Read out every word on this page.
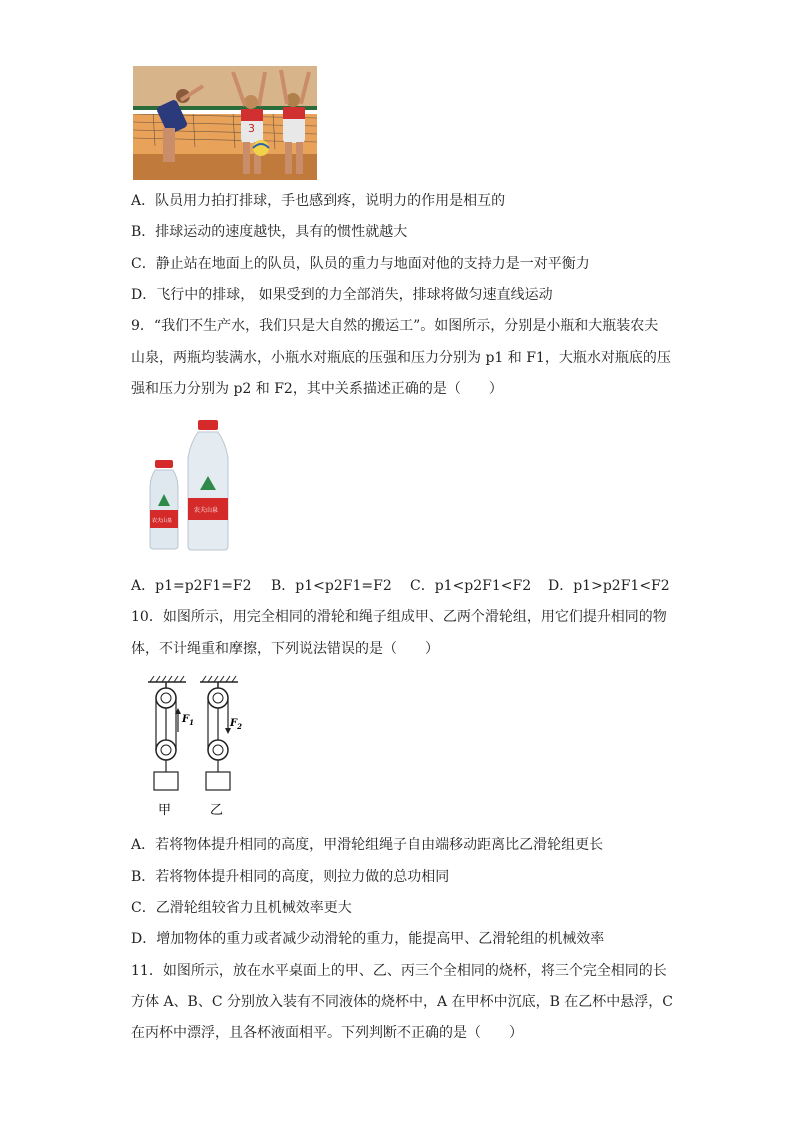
3
A．队员用力拍打排球，手也感到疼，说明力的作用是相互的
B．排球运动的速度越快，具有的惯性就越大
C．静止站在地面上的队员，队员的重力与地面对他的支持力是一对平衡力
D．飞行中的排球， 如果受到的力全部消失，排球将做匀速直线运动
9．“我们不生产水，我们只是大自然的搬运工”。如图所示，分别是小瓶和大瓶装农夫
山泉，两瓶均装满水，小瓶水对瓶底的压强和压力分别为 p1 和 F1，大瓶水对瓶底的压
强和压力分别为 p2 和 F2，其中关系描述正确的是（　　）
农夫山泉
农夫山泉
A．p1=p2F1=F2 B．p1<p2F1=F2 C．p1<p2F1<F2 D．p1>p2F1<F2
10．如图所示，用完全相同的滑轮和绳子组成甲、乙两个滑轮组，用它们提升相同的物
体，不计绳重和摩擦，下列说法错误的是（　　）
$F_1$
甲
$F_2$
乙
A．若将物体提升相同的高度，甲滑轮组绳子自由端移动距离比乙滑轮组更长
B．若将物体提升相同的高度，则拉力做的总功相同
C．乙滑轮组较省力且机械效率更大
D．增加物体的重力或者减少动滑轮的重力，能提高甲、乙滑轮组的机械效率
11．如图所示，放在水平桌面上的甲、乙、丙三个全相同的烧杯，将三个完全相同的长
方体 A、B、C 分别放入装有不同液体的烧杯中，A 在甲杯中沉底，B 在乙杯中悬浮，C
在丙杯中漂浮，且各杯液面相平。下列判断不正确的是（　　）
